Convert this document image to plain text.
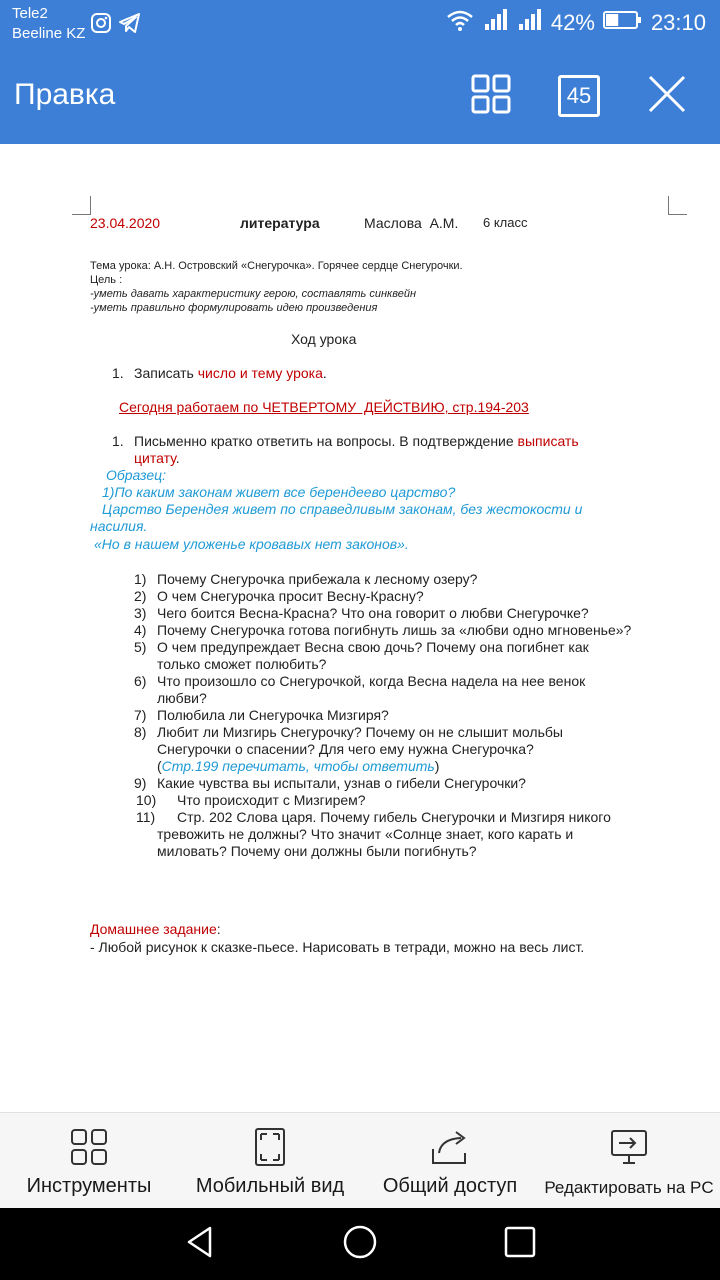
Tele2
Beeline KZ	42%	23:10
Правка	45
23.04.2020	литература	Маслова  А.М. 6 класс
Тема урока: А.Н. Островский «Снегурочка». Горячее сердце Снегурочки.
Цель :
-уметь давать характеристику герою, составлять синквейн
-уметь правильно формулировать идею произведения
Ход урока
1. Записать число и тему урока.
Сегодня работаем по ЧЕТВЕРТОМУ  ДЕЙСТВИЮ, стр.194-203
1. Письменно кратко ответить на вопросы. В подтверждение выписать
цитату.
Образец:
1)По каким законам живет все берендеево царство?
Царство Берендея живет по справедливым законам, без жестокости и
насилия.
«Но в нашем уложенье кровавых нет законов».
1) Почему Снегурочка прибежала к лесному озеру?
2) О чем Снегурочка просит Весну-Красну?
3) Чего боится Весна-Красна? Что она говорит о любви Снегурочке?
4) Почему Снегурочка готова погибнуть лишь за «любви одно мгновенье»?
5) О чем предупреждает Весна свою дочь? Почему она погибнет как
только сможет полюбить?
6) Что произошло со Снегурочкой, когда Весна надела на нее венок
любви?
7) Полюбила ли Снегурочка Мизгиря?
8) Любит ли Мизгирь Снегурочку? Почему он не слышит мольбы
Снегурочки о спасении? Для чего ему нужна Снегурочка?
(Стр.199 перечитать, чтобы ответить)
9) Какие чувства вы испытали, узнав о гибели Снегурочки?
10) Что происходит с Мизгирем?
11) Стр. 202 Слова царя. Почему гибель Снегурочки и Мизгиря никого
тревожить не должны? Что значит «Солнце знает, кого карать и
миловать? Почему они должны были погибнуть?
Домашнее задание:
- Любой рисунок к сказке-пьесе. Нарисовать в тетради, можно на весь лист.
Инструменты Мобильный вид Общий доступ Редактировать на PC
